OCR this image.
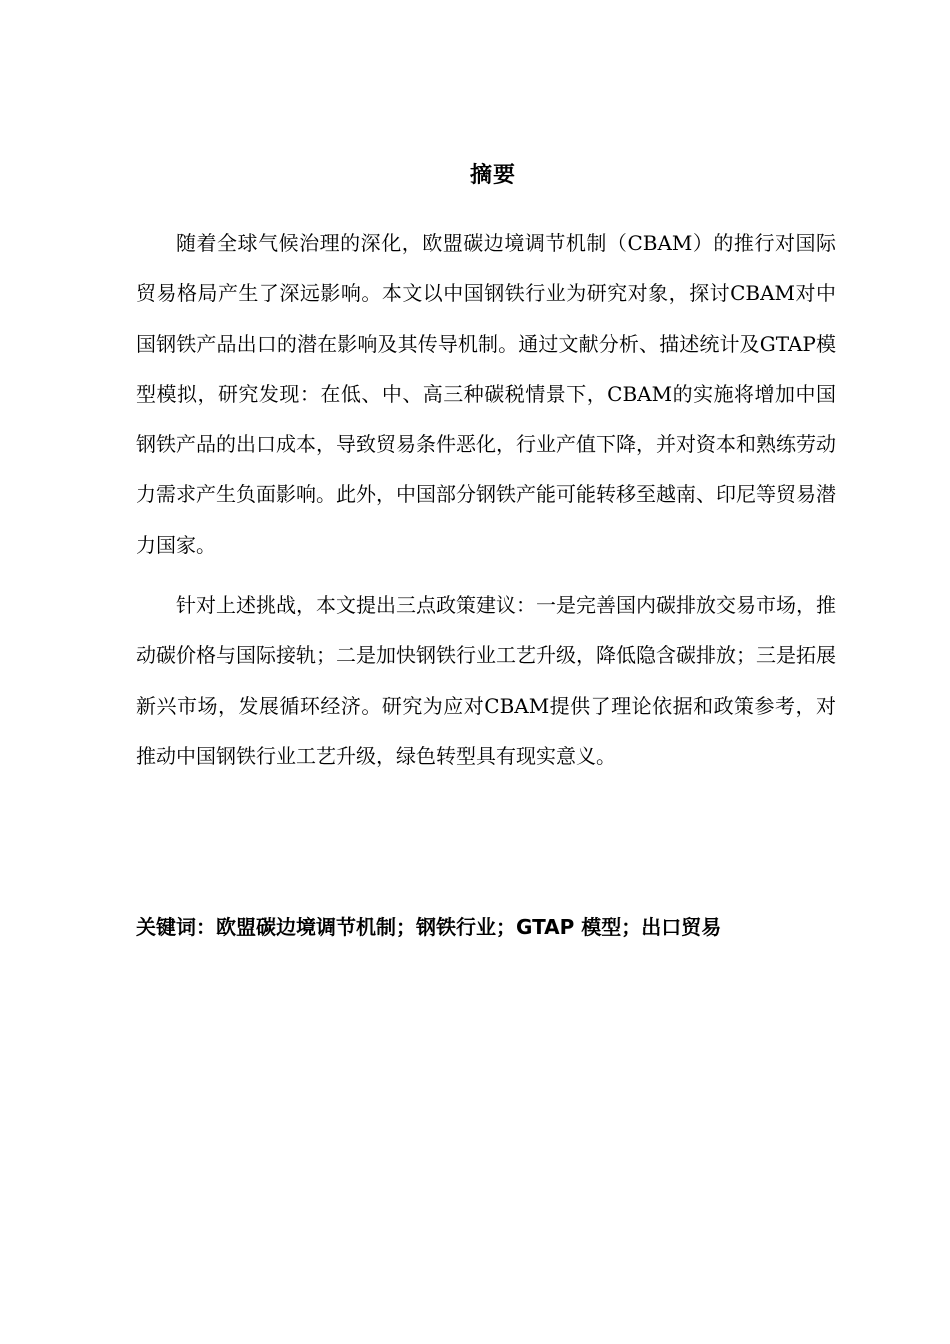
摘要

随着全球气候治理的深化，欧盟碳边境调节机制（CBAM）的推行对国际贸易格局产生了深远影响。本文以中国钢铁行业为研究对象，探讨CBAM对中国钢铁产品出口的潜在影响及其传导机制。通过文献分析、描述统计及GTAP模型模拟，研究发现：在低、中、高三种碳税情景下，CBAM的实施将增加中国钢铁产品的出口成本，导致贸易条件恶化，行业产值下降，并对资本和熟练劳动力需求产生负面影响。此外，中国部分钢铁产能可能转移至越南、印尼等贸易潜力国家。

针对上述挑战，本文提出三点政策建议：一是完善国内碳排放交易市场，推动碳价格与国际接轨；二是加快钢铁行业工艺升级，降低隐含碳排放；三是拓展新兴市场，发展循环经济。研究为应对CBAM提供了理论依据和政策参考，对推动中国钢铁行业工艺升级，绿色转型具有现实意义。

关键词：欧盟碳边境调节机制；钢铁行业；GTAP 模型；出口贸易
